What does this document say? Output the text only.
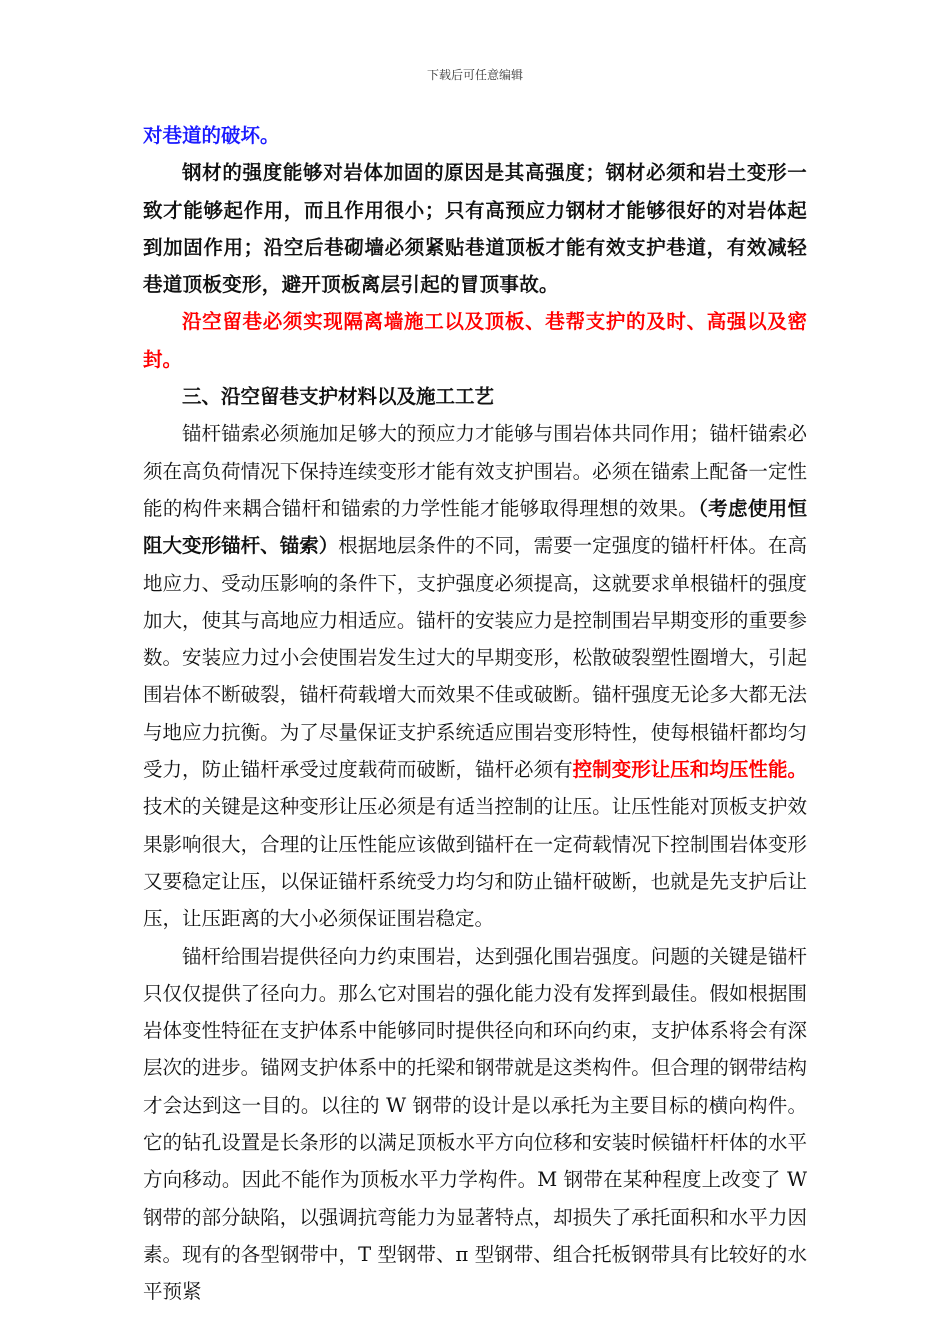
下载后可任意编辑

对巷道的破坏。

钢材的强度能够对岩体加固的原因是其高强度；钢材必须和岩土变形一致才能够起作用，而且作用很小；只有高预应力钢材才能够很好的对岩体起到加固作用；沿空后巷砌墙必须紧贴巷道顶板才能有效支护巷道，有效减轻巷道顶板变形，避开顶板离层引起的冒顶事故。

沿空留巷必须实现隔离墙施工以及顶板、巷帮支护的及时、高强以及密封。

三、沿空留巷支护材料以及施工工艺

锚杆锚索必须施加足够大的预应力才能够与围岩体共同作用；锚杆锚索必须在高负荷情况下保持连续变形才能有效支护围岩。必须在锚索上配备一定性能的构件来耦合锚杆和锚索的力学性能才能够取得理想的效果。（考虑使用恒阻大变形锚杆、锚索）根据地层条件的不同，需要一定强度的锚杆杆体。在高地应力、受动压影响的条件下，支护强度必须提高，这就要求单根锚杆的强度加大，使其与高地应力相适应。锚杆的安装应力是控制围岩早期变形的重要参数。安装应力过小会使围岩发生过大的早期变形，松散破裂塑性圈增大，引起围岩体不断破裂，锚杆荷载增大而效果不佳或破断。锚杆强度无论多大都无法与地应力抗衡。为了尽量保证支护系统适应围岩变形特性，使每根锚杆都均匀受力，防止锚杆承受过度载荷而破断，锚杆必须有控制变形让压和均压性能。技术的关键是这种变形让压必须是有适当控制的让压。让压性能对顶板支护效果影响很大，合理的让压性能应该做到锚杆在一定荷载情况下控制围岩体变形又要稳定让压，以保证锚杆系统受力均匀和防止锚杆破断，也就是先支护后让压，让压距离的大小必须保证围岩稳定。

锚杆给围岩提供径向力约束围岩，达到强化围岩强度。问题的关键是锚杆只仅仅提供了径向力。那么它对围岩的强化能力没有发挥到最佳。假如根据围岩体变性特征在支护体系中能够同时提供径向和环向约束，支护体系将会有深层次的进步。锚网支护体系中的托梁和钢带就是这类构件。但合理的钢带结构才会达到这一目的。以往的 W 钢带的设计是以承托为主要目标的横向构件。它的钻孔设置是长条形的以满足顶板水平方向位移和安装时候锚杆杆体的水平方向移动。因此不能作为顶板水平力学构件。M 钢带在某种程度上改变了 W 钢带的部分缺陷，以强调抗弯能力为显著特点，却损失了承托面积和水平力因素。现有的各型钢带中，T 型钢带、π 型钢带、组合托板钢带具有比较好的水平预紧
